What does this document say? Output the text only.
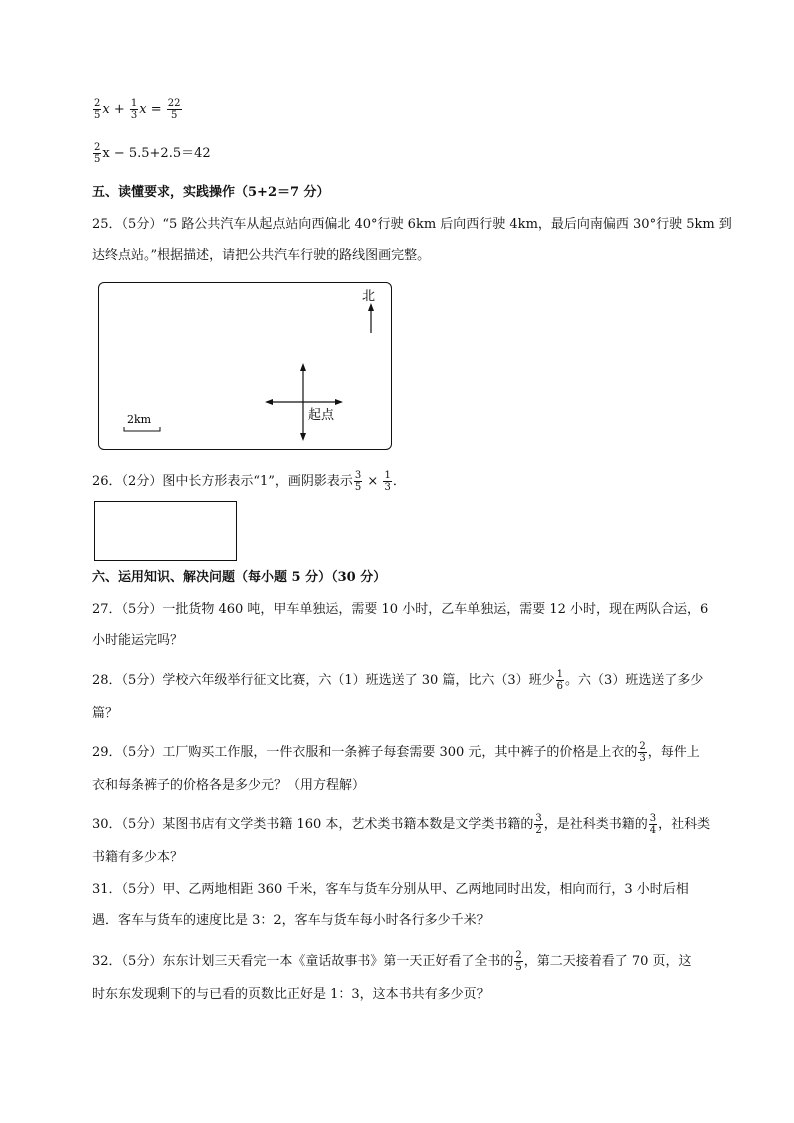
$\frac{2}{5}$ $x + \frac{1}{3}$ $x = \frac{22}{5}$
$\frac{2}{5}$ x − 5.5+2.5＝42
五、读懂要求，实践操作（5+2＝7 分）
25．（5分）“5 路公共汽车从起点站向西偏北 40°行驶 6km 后向西行驶 4km，最后向南偏西 30°行驶 5km 到
达终点站。”根据描述，请把公共汽车行驶的路线图画完整。
北
起点
2km
26．（2分）图中长方形表示“1”，画阴影表示 $\frac{3}{5} \times \frac{1}{3}$ ．
六、运用知识、解决问题（每小题 5 分）（30 分）
27．（5分）一批货物 460 吨，甲车单独运，需要 10 小时，乙车单独运，需要 12 小时，现在两队合运，6
小时能运完吗？
28．（5分）学校六年级举行征文比赛，六（1）班选送了 30 篇，比六（3）班少 $\frac{1}{6}$ 。六（3）班选送了多少
篇？
29．（5分）工厂购买工作服，一件衣服和一条裤子每套需要 300 元，其中裤子的价格是上衣的 $\frac{2}{3}$ ，每件上
衣和每条裤子的价格各是多少元？（用方程解）
30．（5分）某图书店有文学类书籍 160 本，艺术类书籍本数是文学类书籍的 $\frac{3}{2}$ ，是社科类书籍的 $\frac{3}{4}$ ，社科类
书籍有多少本？
31．（5分）甲、乙两地相距 360 千米，客车与货车分别从甲、乙两地同时出发，相向而行，3 小时后相
遇．客车与货车的速度比是 3：2，客车与货车每小时各行多少千米？
32．（5分）东东计划三天看完一本《童话故事书》第一天正好看了全书的 $\frac{2}{5}$ ，第二天接着看了 70 页，这
时东东发现剩下的与已看的页数比正好是 1：3，这本书共有多少页？
